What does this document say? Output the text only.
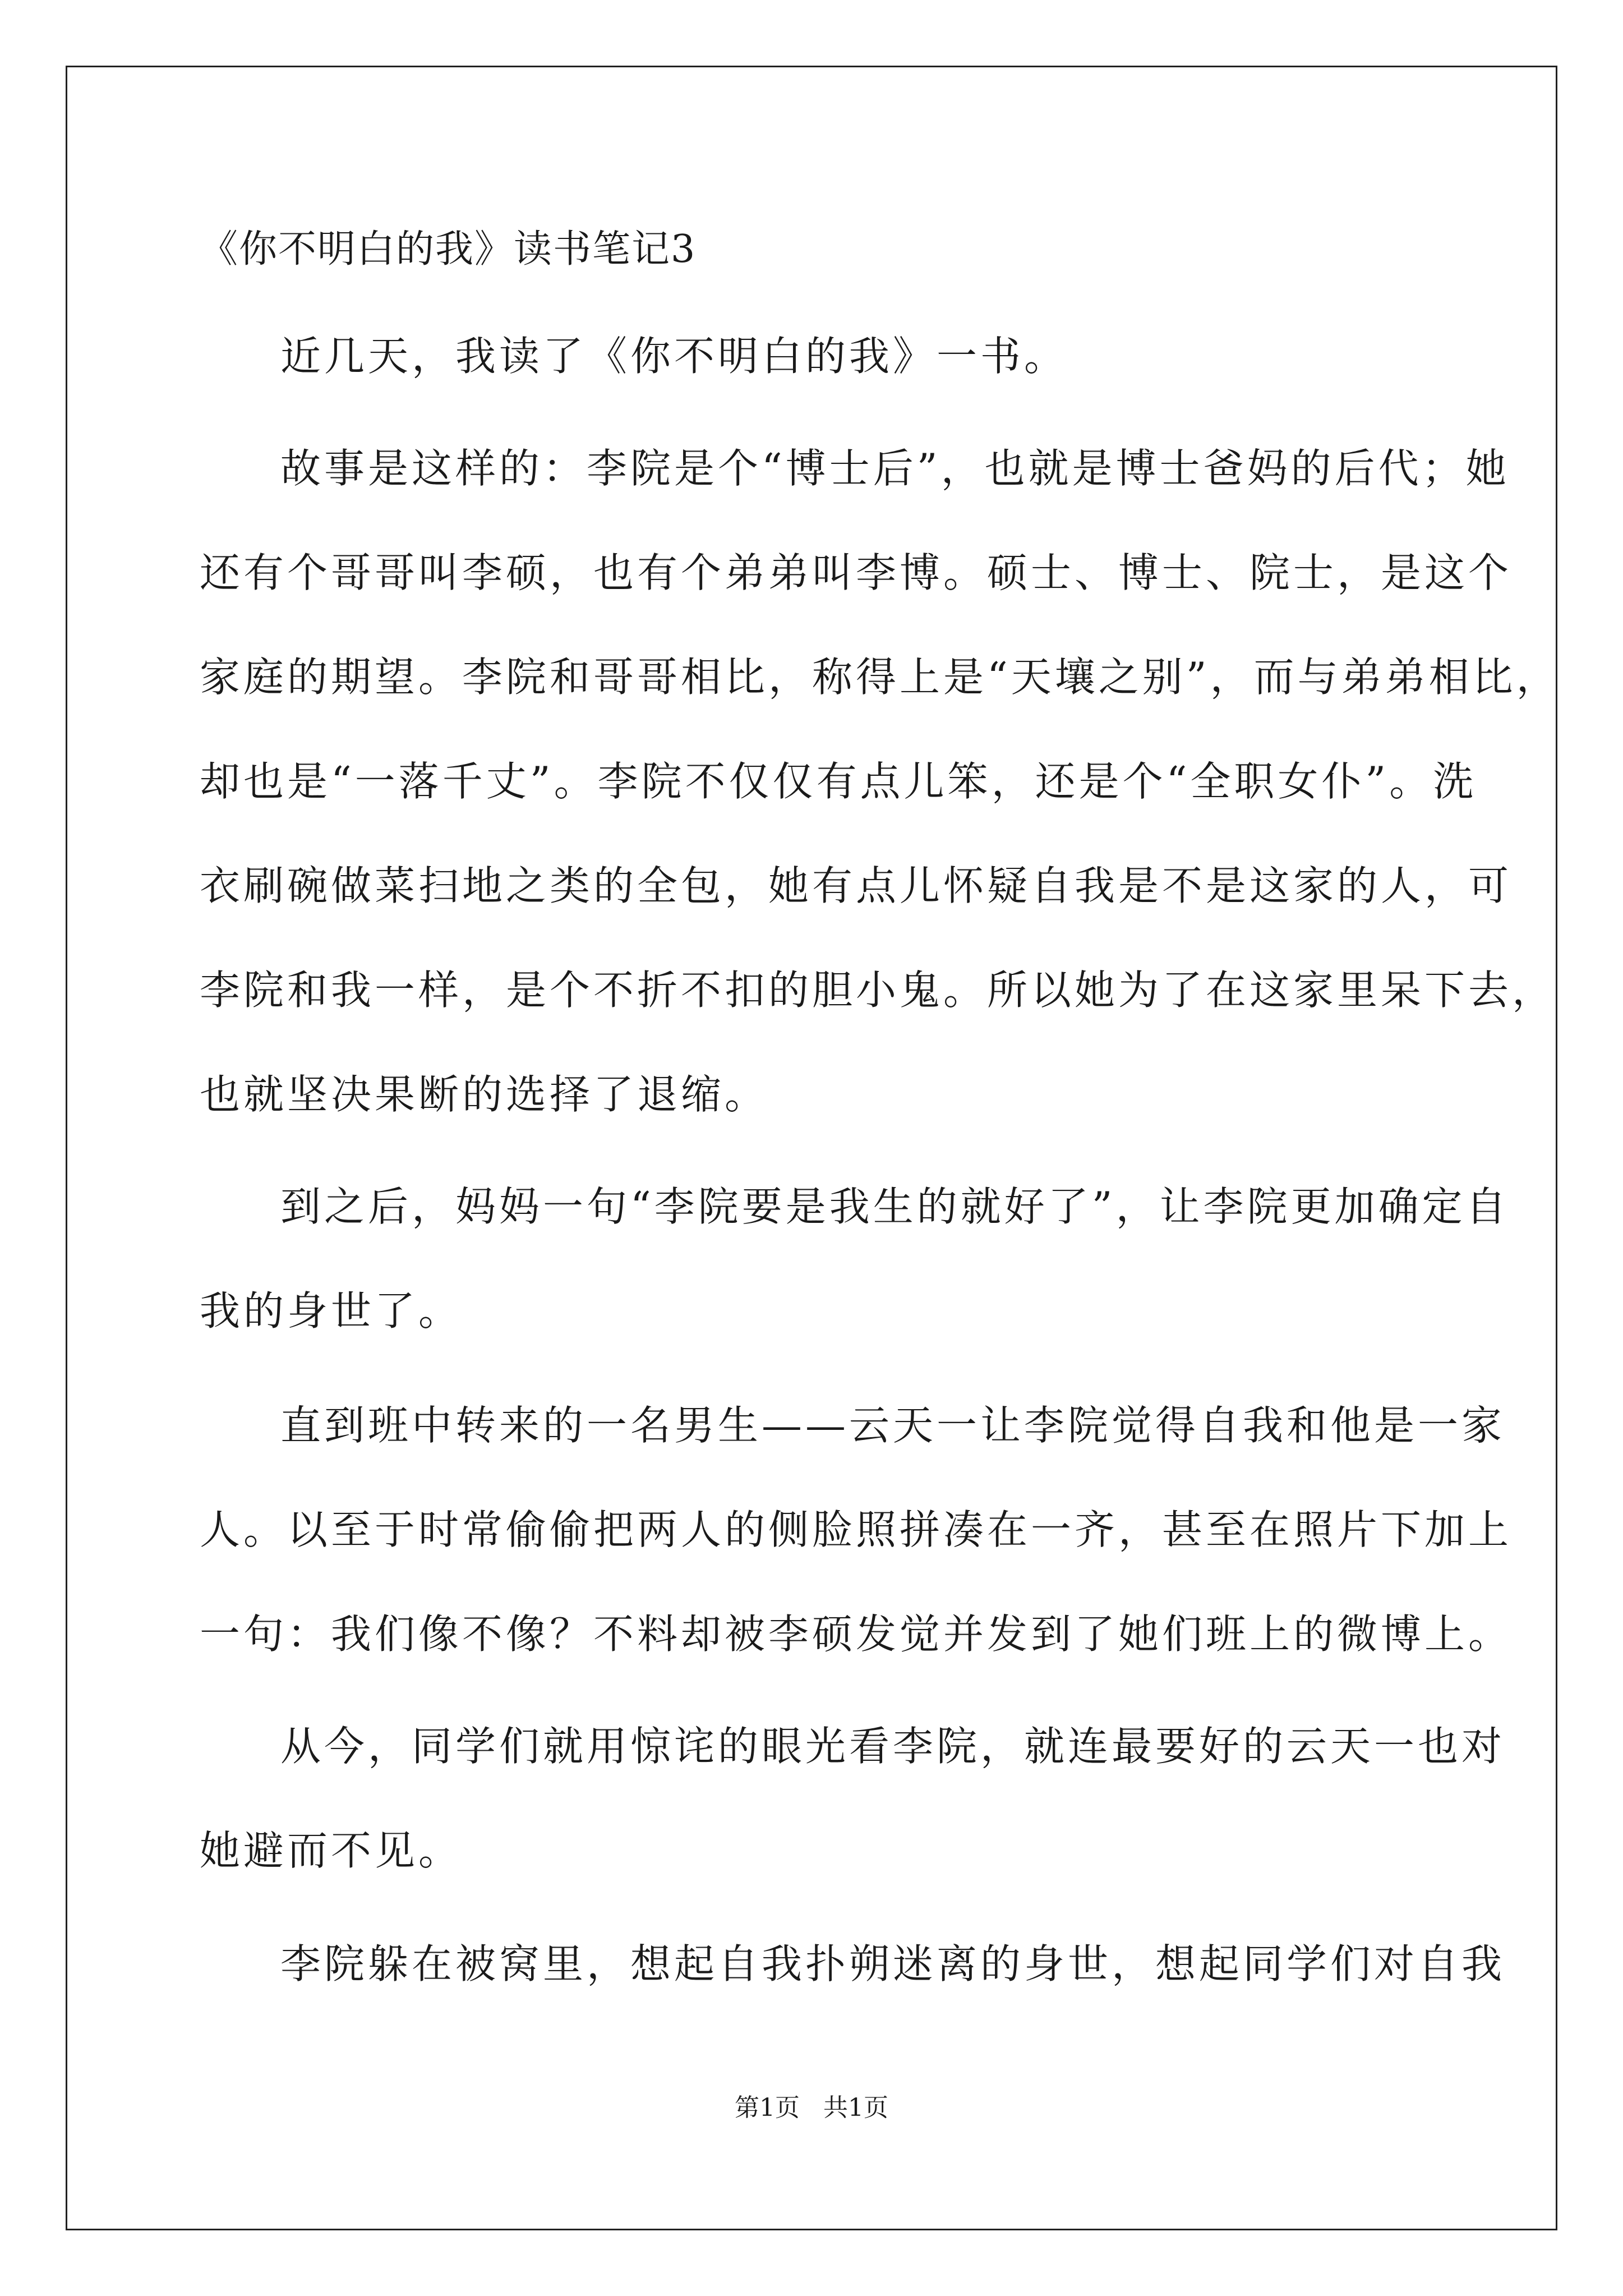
《你不明白的我》读书笔记3
近几天，我读了《你不明白的我》一书。
故事是这样的：李院是个“博士后”，也就是博士爸妈的后代；她
还有个哥哥叫李硕，也有个弟弟叫李博。硕士、博士、院士，是这个
家庭的期望。李院和哥哥相比，称得上是“天壤之别”，而与弟弟相比，
却也是“一落千丈”。李院不仅仅有点儿笨，还是个“全职女仆”。洗
衣刷碗做菜扫地之类的全包，她有点儿怀疑自我是不是这家的人，可
李院和我一样，是个不折不扣的胆小鬼。所以她为了在这家里呆下去，
也就坚决果断的选择了退缩。
到之后，妈妈一句“李院要是我生的就好了”，让李院更加确定自
我的身世了。
直到班中转来的一名男生——云天一让李院觉得自我和他是一家
人。以至于时常偷偷把两人的侧脸照拼凑在一齐，甚至在照片下加上
一句：我们像不像？不料却被李硕发觉并发到了她们班上的微博上。
从今，同学们就用惊诧的眼光看李院，就连最要好的云天一也对
她避而不见。
李院躲在被窝里，想起自我扑朔迷离的身世，想起同学们对自我
第1页   共1页
